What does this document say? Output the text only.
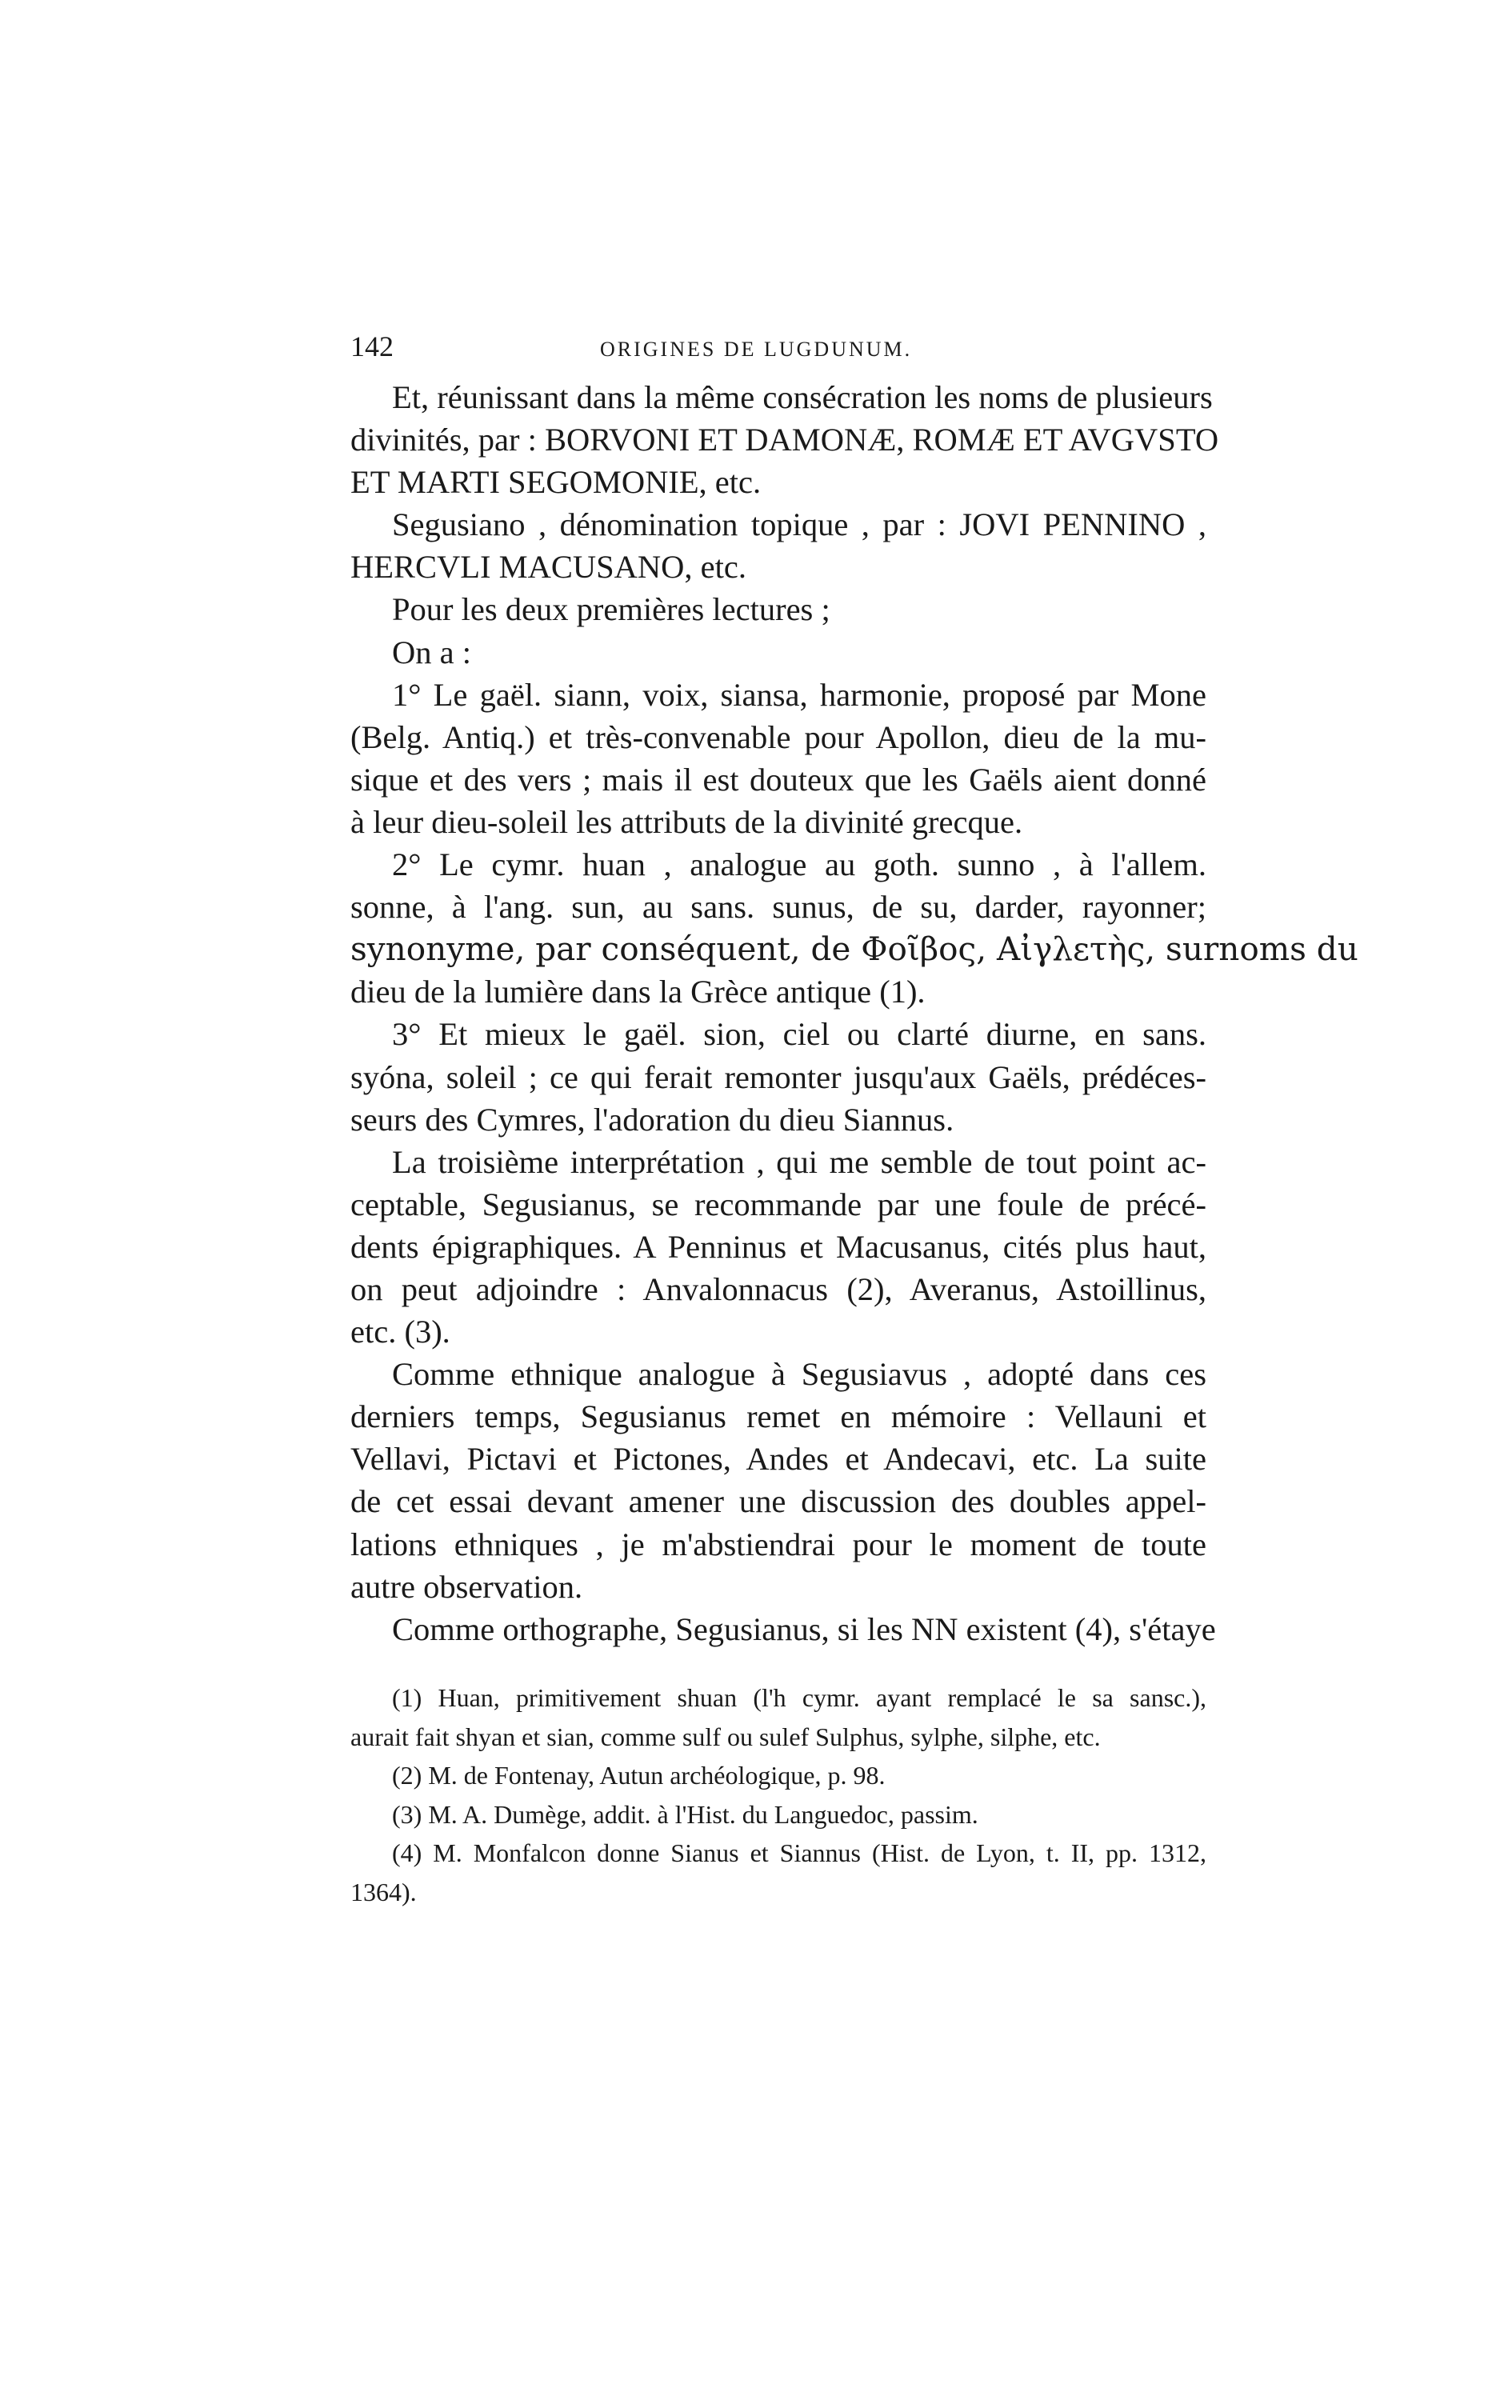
142	ORIGINES DE LUGDUNUM.
Et, réunissant dans la même consécration les noms de plusieurs
divinités, par : BORVONI ET DAMONÆ, ROMÆ ET AVGVSTO
ET MARTI SEGOMONIE, etc.
Segusiano , dénomination topique , par : JOVI PENNINO ,
HERCVLI MACUSANO, etc.
Pour les deux premières lectures ;
On a :
1° Le gaël. siann, voix, siansa, harmonie, proposé par Mone
(Belg. Antiq.) et très-convenable pour Apollon, dieu de la mu-
sique et des vers ; mais il est douteux que les Gaëls aient donné
à leur dieu-soleil les attributs de la divinité grecque.
2° Le cymr. huan , analogue au goth. sunno , à l'allem.
sonne, à l'ang. sun, au sans. sunus, de su, darder, rayonner;
synonyme, par conséquent, de Φοῖβος, Αἰγλετὴς, surnoms du
dieu de la lumière dans la Grèce antique (1).
3° Et mieux le gaël. sion, ciel ou clarté diurne, en sans.
syóna, soleil ; ce qui ferait remonter jusqu'aux Gaëls, prédéces-
seurs des Cymres, l'adoration du dieu Siannus.
La troisième interprétation , qui me semble de tout point ac-
ceptable, Segusianus, se recommande par une foule de précé-
dents épigraphiques. A Penninus et Macusanus, cités plus haut,
on peut adjoindre : Anvalonnacus (2), Averanus, Astoillinus,
etc. (3).
Comme ethnique analogue à Segusiavus , adopté dans ces
derniers temps, Segusianus remet en mémoire : Vellauni et
Vellavi, Pictavi et Pictones, Andes et Andecavi, etc. La suite
de cet essai devant amener une discussion des doubles appel-
lations ethniques , je m'abstiendrai pour le moment de toute
autre observation.
Comme orthographe, Segusianus, si les NN existent (4), s'étaye
(1) Huan, primitivement shuan (l'h cymr. ayant remplacé le sa sansc.),
aurait fait shyan et sian, comme sulf ou sulef Sulphus, sylphe, silphe, etc.
(2) M. de Fontenay, Autun archéologique, p. 98.
(3) M. A. Dumège, addit. à l'Hist. du Languedoc, passim.
(4) M. Monfalcon donne Sianus et Siannus (Hist. de Lyon, t. II, pp. 1312,
1364).
